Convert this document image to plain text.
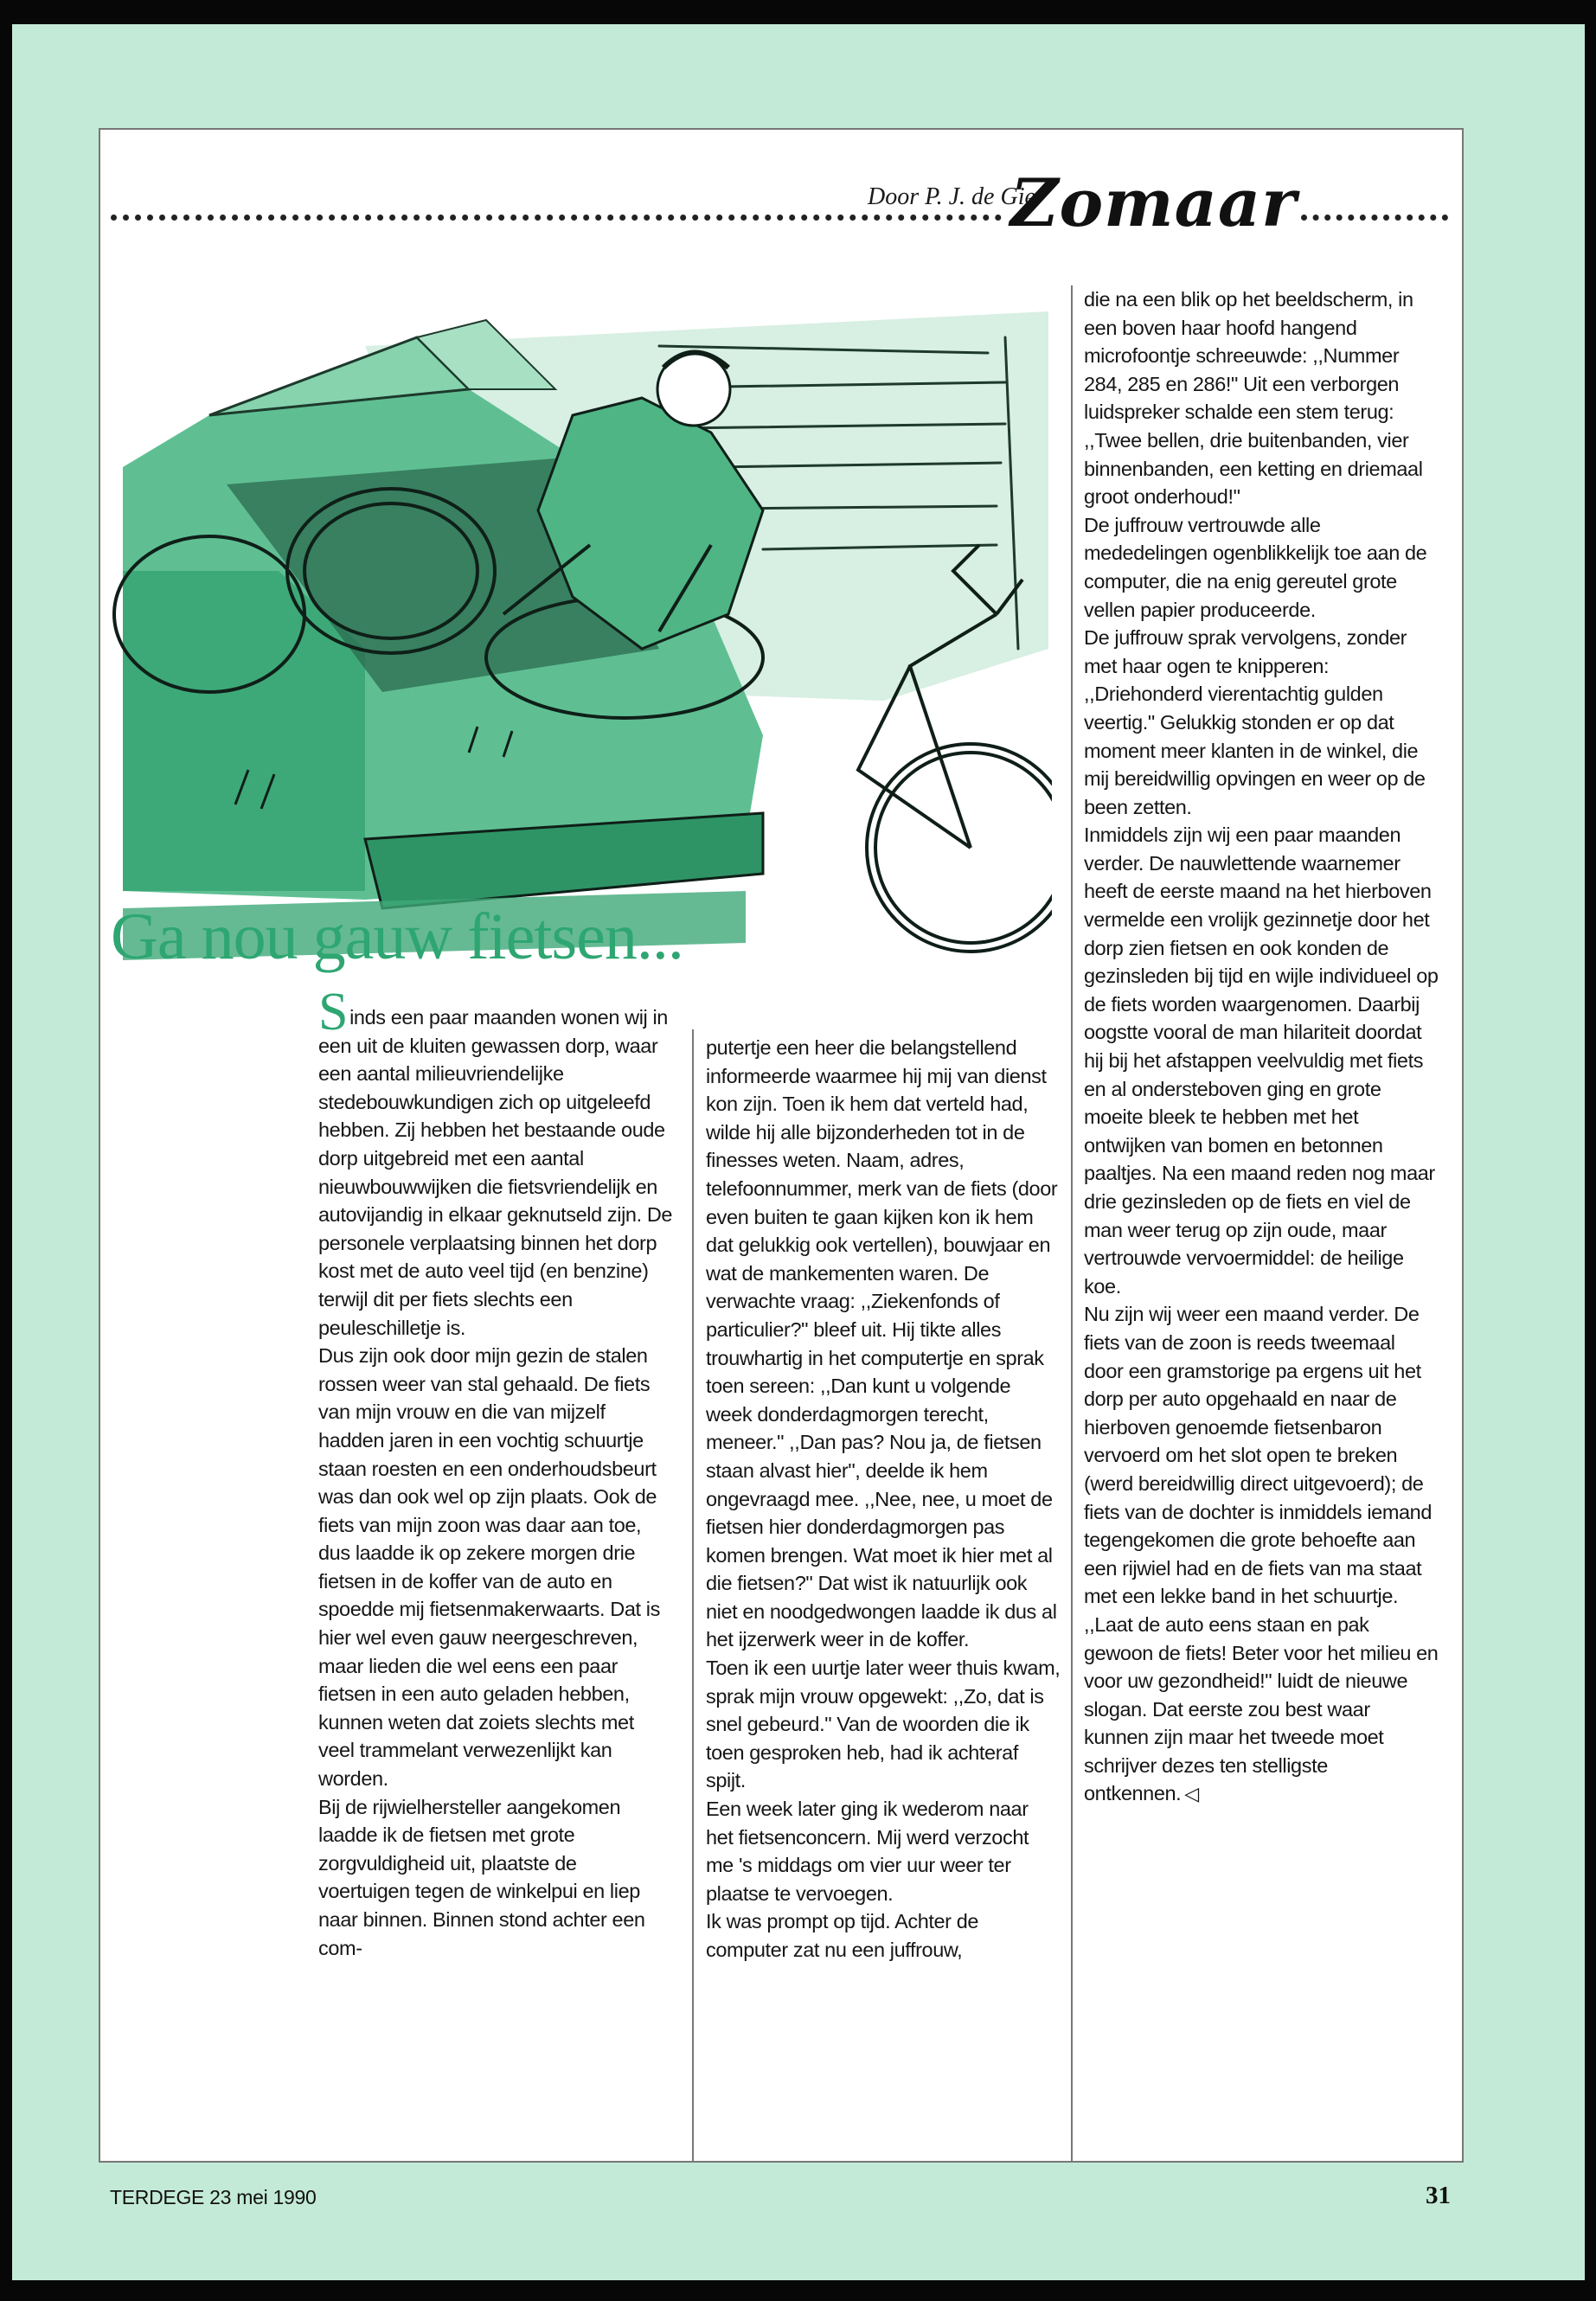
Door P. J. de Gier
Zomaar
Ga nou gauw fietsen...

Sinds een paar maanden wonen wij in een uit de kluiten gewassen dorp, waar een aantal milieuvriendelijke stedebouwkundigen zich op uitgeleefd hebben. Zij hebben het bestaande oude dorp uitgebreid met een aantal nieuwbouwwijken die fietsvriendelijk en autovijandig in elkaar geknutseld zijn. De personele verplaatsing binnen het dorp kost met de auto veel tijd (en benzine) terwijl dit per fiets slechts een peuleschilletje is.

Dus zijn ook door mijn gezin de stalen rossen weer van stal gehaald. De fiets van mijn vrouw en die van mijzelf hadden jaren in een vochtig schuurtje staan roesten en een onderhoudsbeurt was dan ook wel op zijn plaats. Ook de fiets van mijn zoon was daar aan toe, dus laadde ik op zekere morgen drie fietsen in de koffer van de auto en spoedde mij fietsenmakerwaarts. Dat is hier wel even gauw neergeschreven, maar lieden die wel eens een paar fietsen in een auto geladen hebben, kunnen weten dat zoiets slechts met veel trammelant verwezenlijkt kan worden.

Bij de rijwielhersteller aangekomen laadde ik de fietsen met grote zorgvuldigheid uit, plaatste de voertuigen tegen de winkelpui en liep naar binnen. Binnen stond achter een com-

putertje een heer die belangstellend informeerde waarmee hij mij van dienst kon zijn. Toen ik hem dat verteld had, wilde hij alle bijzonderheden tot in de finesses weten. Naam, adres, telefoonnummer, merk van de fiets (door even buiten te gaan kijken kon ik hem dat gelukkig ook vertellen), bouwjaar en wat de mankementen waren. De verwachte vraag: ,,Ziekenfonds of particulier?" bleef uit. Hij tikte alles trouwhartig in het computertje en sprak toen sereen: ,,Dan kunt u volgende week donderdagmorgen terecht, meneer." ,,Dan pas? Nou ja, de fietsen staan alvast hier", deelde ik hem ongevraagd mee. ,,Nee, nee, u moet de fietsen hier donderdagmorgen pas komen brengen. Wat moet ik hier met al die fietsen?" Dat wist ik natuurlijk ook niet en noodgedwongen laadde ik dus al het ijzerwerk weer in de koffer.

Toen ik een uurtje later weer thuis kwam, sprak mijn vrouw opgewekt: ,,Zo, dat is snel gebeurd." Van de woorden die ik toen gesproken heb, had ik achteraf spijt.

Een week later ging ik wederom naar het fietsenconcern. Mij werd verzocht me 's middags om vier uur weer ter plaatse te vervoegen.

Ik was prompt op tijd. Achter de computer zat nu een juffrouw,

die na een blik op het beeldscherm, in een boven haar hoofd hangend microfoontje schreeuwde: ,,Nummer 284, 285 en 286!" Uit een verborgen luidspreker schalde een stem terug: ,,Twee bellen, drie buitenbanden, vier binnenbanden, een ketting en driemaal groot onderhoud!"

De juffrouw vertrouwde alle mededelingen ogenblikkelijk toe aan de computer, die na enig gereutel grote vellen papier produceerde.

De juffrouw sprak vervolgens, zonder met haar ogen te knipperen: ,,Driehonderd vierentachtig gulden veertig." Gelukkig stonden er op dat moment meer klanten in de winkel, die mij bereidwillig opvingen en weer op de been zetten.

Inmiddels zijn wij een paar maanden verder. De nauwlettende waarnemer heeft de eerste maand na het hierboven vermelde een vrolijk gezinnetje door het dorp zien fietsen en ook konden de gezinsleden bij tijd en wijle individueel op de fiets worden waargenomen. Daarbij oogstte vooral de man hilariteit doordat hij bij het afstappen veelvuldig met fiets en al ondersteboven ging en grote moeite bleek te hebben met het ontwijken van bomen en betonnen paaltjes. Na een maand reden nog maar drie gezinsleden op de fiets en viel de man weer terug op zijn oude, maar vertrouwde vervoermiddel: de heilige koe.

Nu zijn wij weer een maand verder. De fiets van de zoon is reeds tweemaal door een gramstorige pa ergens uit het dorp per auto opgehaald en naar de hierboven genoemde fietsenbaron vervoerd om het slot open te breken (werd bereidwillig direct uitgevoerd); de fiets van de dochter is inmiddels iemand tegengekomen die grote behoefte aan een rijwiel had en de fiets van ma staat met een lekke band in het schuurtje.

,,Laat de auto eens staan en pak gewoon de fiets! Beter voor het milieu en voor uw gezondheid!" luidt de nieuwe slogan. Dat eerste zou best waar kunnen zijn maar het tweede moet schrijver dezes ten stelligste ontkennen. ◁

TERDEGE 23 mei 1990	31
